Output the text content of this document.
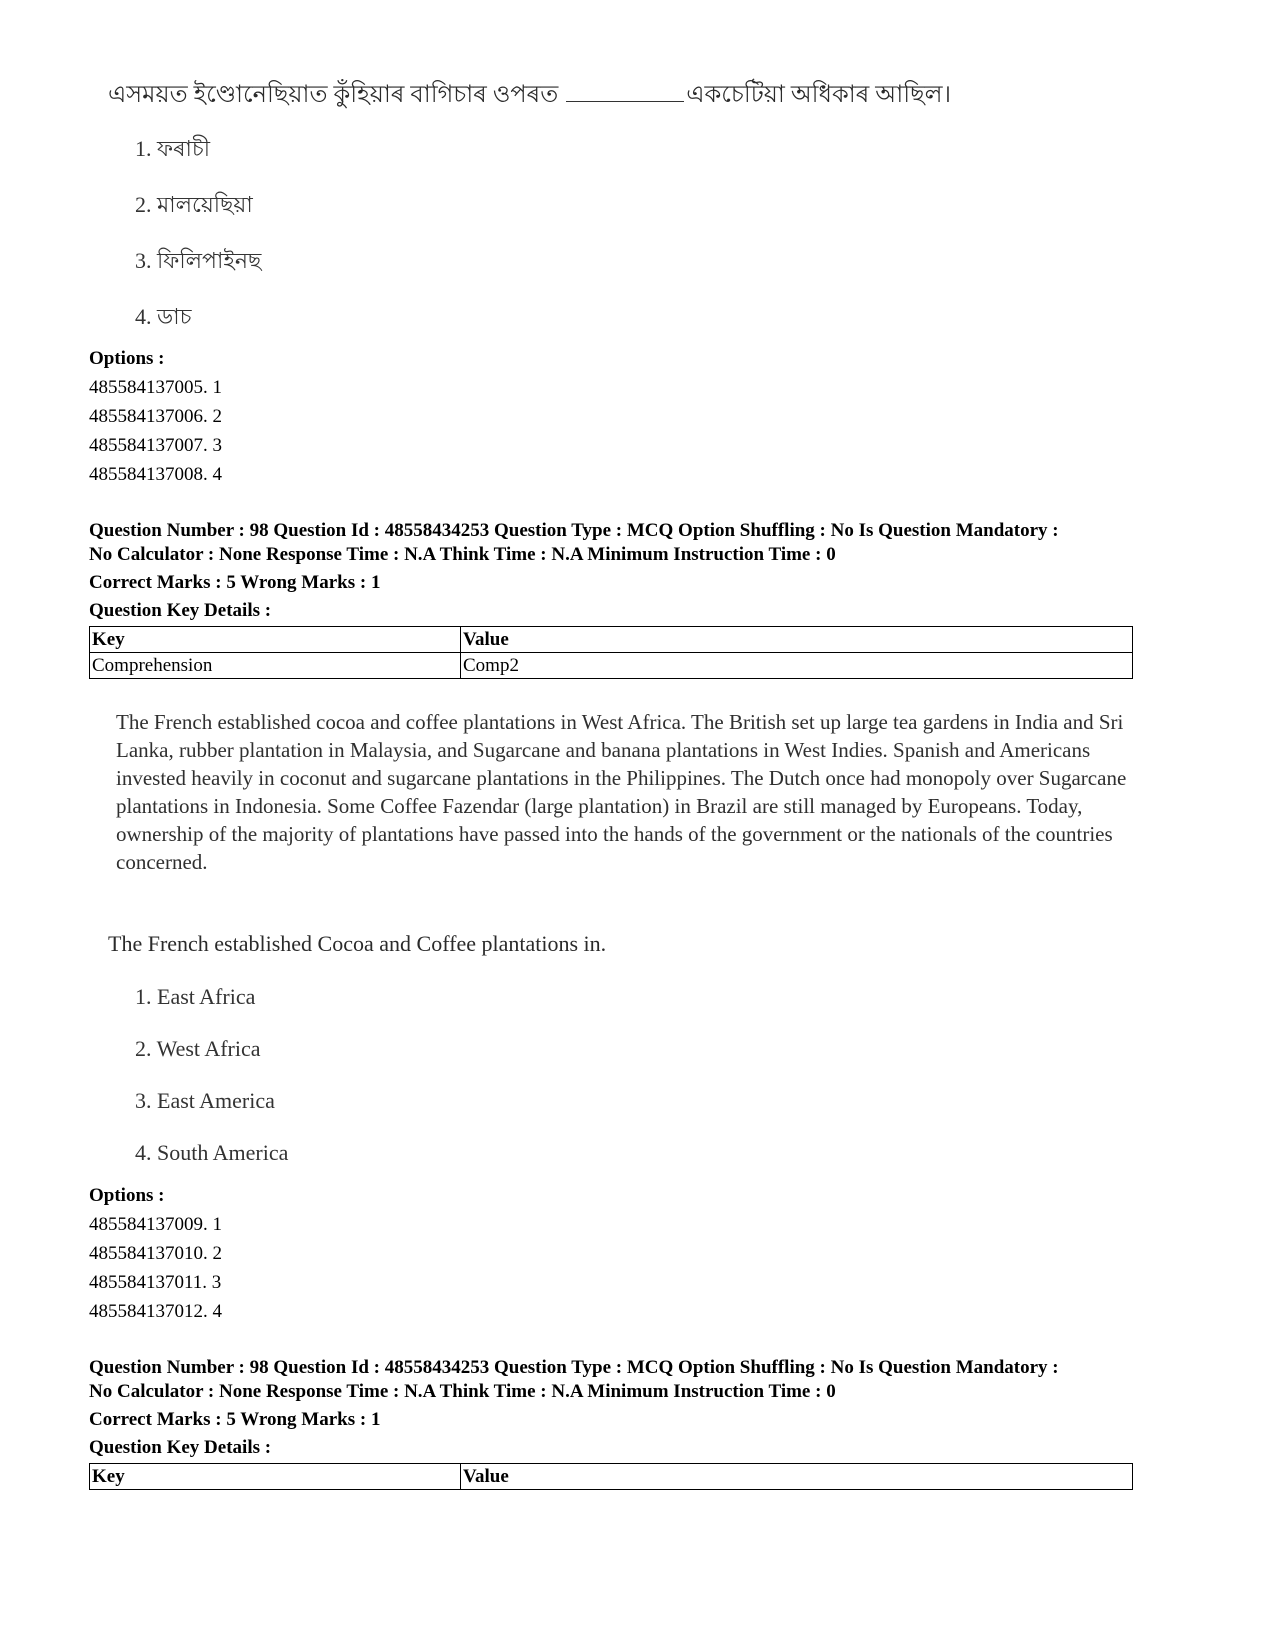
এসময়ত ইণ্ডোনেছিয়াত কুঁহিয়াৰ বাগিচাৰ ওপৰত	একচেটিয়া অধিকাৰ আছিল।
1. ফৰাচী
2. মালয়েছিয়া
3. ফিলিপাইনছ
4. ডাচ
Options :
485584137005. 1
485584137006. 2
485584137007. 3
485584137008. 4
Question Number : 98 Question Id : 48558434253 Question Type : MCQ Option Shuffling : No Is Question Mandatory :
No Calculator : None Response Time : N.A Think Time : N.A Minimum Instruction Time : 0
Correct Marks : 5 Wrong Marks : 1
Question Key Details :
Key	Value
Comprehension	Comp2
The French established cocoa and coffee plantations in West Africa. The British set up large tea gardens in India and Sri Lanka, rubber plantation in Malaysia, and Sugarcane and banana plantations in West Indies. Spanish and Americans invested heavily in coconut and sugarcane plantations in the Philippines. The Dutch once had monopoly over Sugarcane plantations in Indonesia. Some Coffee Fazendar (large plantation) in Brazil are still managed by Europeans. Today, ownership of the majority of plantations have passed into the hands of the government or the nationals of the countries concerned.
The French established Cocoa and Coffee plantations in.
1. East Africa
2. West Africa
3. East America
4. South America
Options :
485584137009. 1
485584137010. 2
485584137011. 3
485584137012. 4
Question Number : 98 Question Id : 48558434253 Question Type : MCQ Option Shuffling : No Is Question Mandatory :
No Calculator : None Response Time : N.A Think Time : N.A Minimum Instruction Time : 0
Correct Marks : 5 Wrong Marks : 1
Question Key Details :
Key	Value
